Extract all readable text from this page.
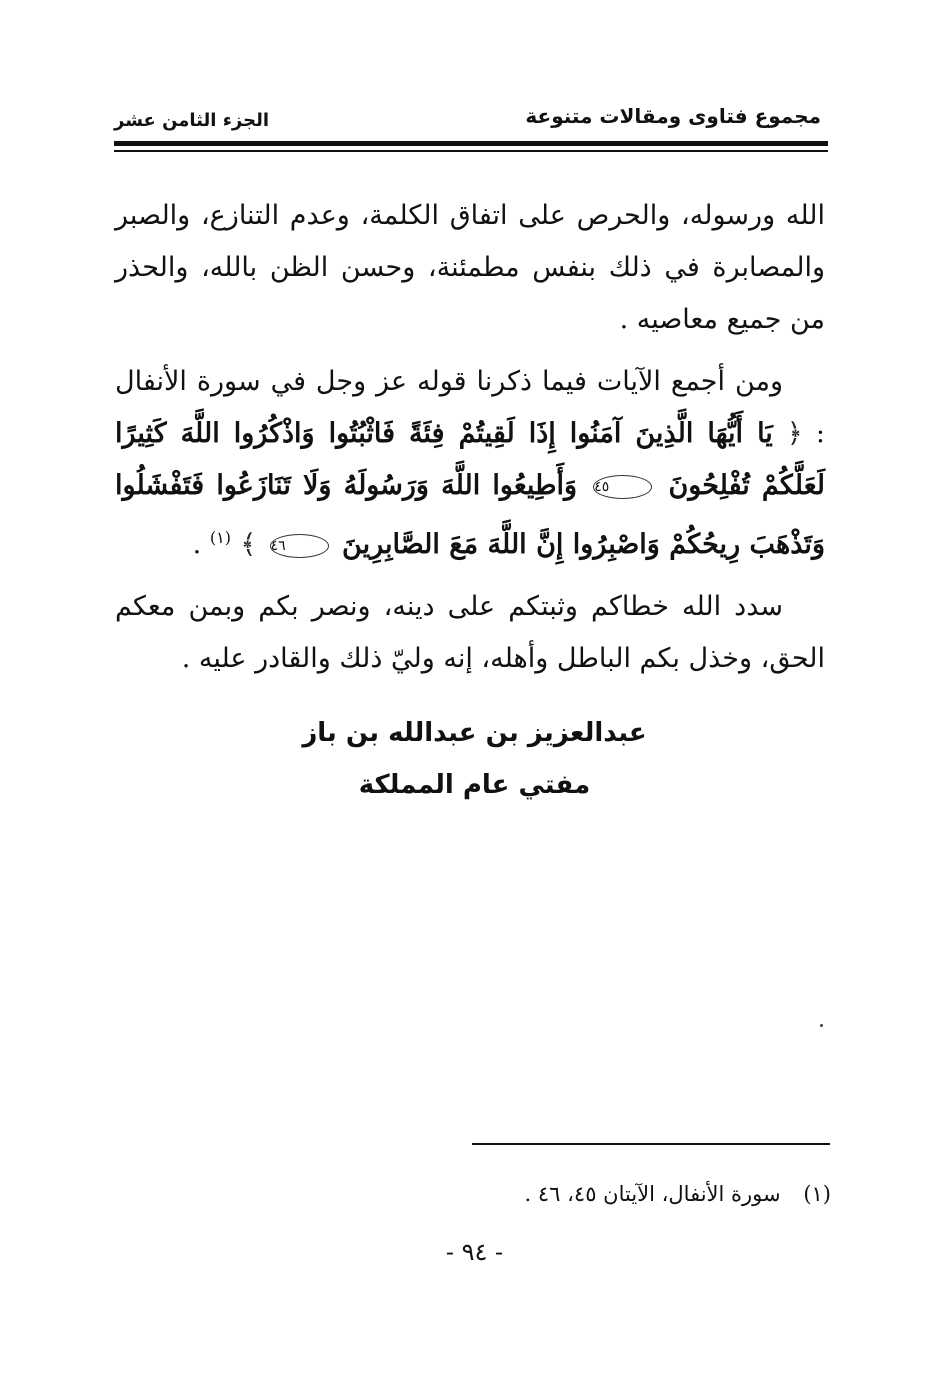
مجموع فتاوى ومقالات متنوعة
الجزء الثامن عشر

الله ورسوله، والحرص على اتفاق الكلمة، وعدم التنازع، والصبر والمصابرة في ذلك بنفس مطمئنة، وحسن الظن بالله، والحذر من جميع معاصيه .

ومن أجمع الآيات فيما ذكرنا قوله عز وجل في سورة الأنفال : ﴿ يَا أَيُّهَا الَّذِينَ آمَنُوا إِذَا لَقِيتُمْ فِئَةً فَاثْبُتُوا وَاذْكُرُوا اللَّهَ كَثِيرًا لَعَلَّكُمْ تُفْلِحُونَ ٤٥ وَأَطِيعُوا اللَّهَ وَرَسُولَهُ وَلَا تَنَازَعُوا فَتَفْشَلُوا وَتَذْهَبَ رِيحُكُمْ وَاصْبِرُوا إِنَّ اللَّهَ مَعَ الصَّابِرِينَ ٤٦ ﴾ $^{(١)}$ .

سدد الله خطاكم وثبتكم على دينه، ونصر بكم وبمن معكم الحق، وخذل بكم الباطل وأهله، إنه وليّ ذلك والقادر عليه .

عبدالعزيز بن عبدالله بن باز
مفتي عام المملكة
(١) سورة الأنفال، الآيتان ٤٥، ٤٦ .
- ٩٤ -
